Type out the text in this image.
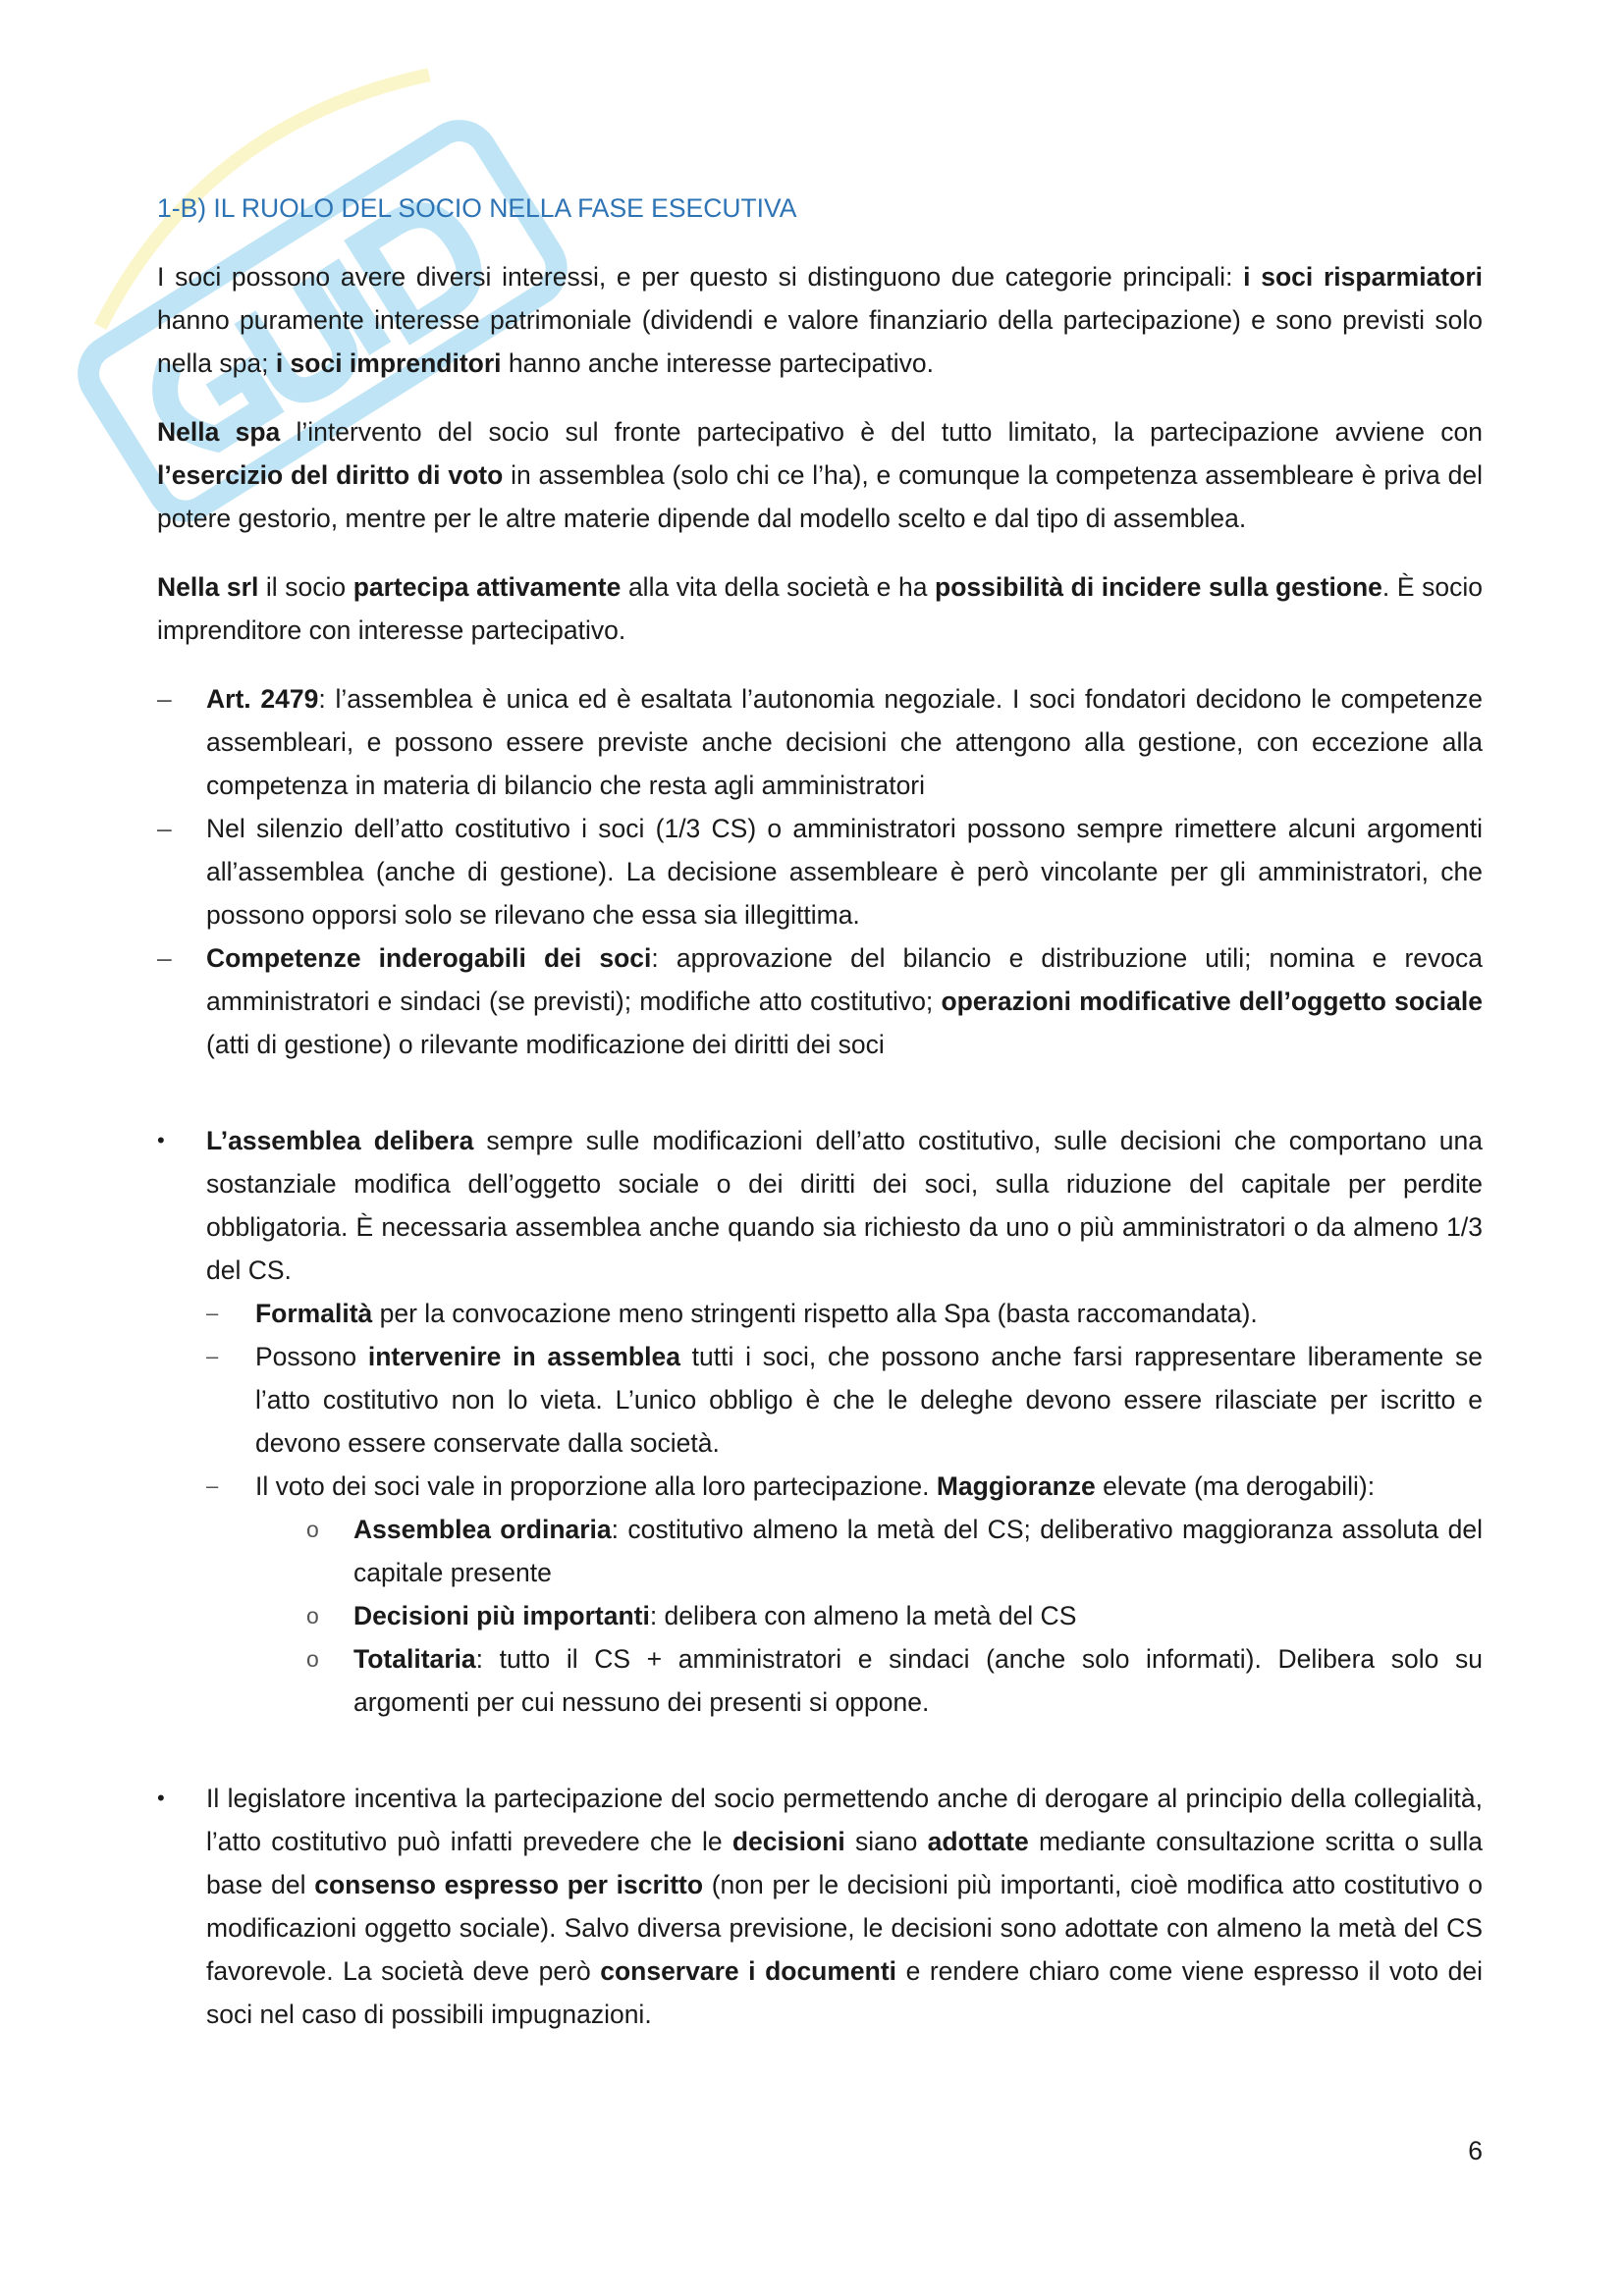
1-B) IL RUOLO DEL SOCIO NELLA FASE ESECUTIVA

I soci possono avere diversi interessi, e per questo si distinguono due categorie principali: i soci risparmiatori hanno puramente interesse patrimoniale (dividendi e valore finanziario della partecipazione) e sono previsti solo nella spa; i soci imprenditori hanno anche interesse partecipativo.

Nella spa l’intervento del socio sul fronte partecipativo è del tutto limitato, la partecipazione avviene con l’esercizio del diritto di voto in assemblea (solo chi ce l’ha), e comunque la competenza assembleare è priva del potere gestorio, mentre per le altre materie dipende dal modello scelto e dal tipo di assemblea.

Nella srl il socio partecipa attivamente alla vita della società e ha possibilità di incidere sulla gestione. È socio imprenditore con interesse partecipativo.

– Art. 2479: l’assemblea è unica ed è esaltata l’autonomia negoziale. I soci fondatori decidono le competenze assembleari, e possono essere previste anche decisioni che attengono alla gestione, con eccezione alla competenza in materia di bilancio che resta agli amministratori
– Nel silenzio dell’atto costitutivo i soci (1/3 CS) o amministratori possono sempre rimettere alcuni argomenti all’assemblea (anche di gestione). La decisione assembleare è però vincolante per gli amministratori, che possono opporsi solo se rilevano che essa sia illegittima.
– Competenze inderogabili dei soci: approvazione del bilancio e distribuzione utili; nomina e revoca amministratori e sindaci (se previsti); modifiche atto costitutivo; operazioni modificative dell’oggetto sociale (atti di gestione) o rilevante modificazione dei diritti dei soci
• L’assemblea delibera sempre sulle modificazioni dell’atto costitutivo, sulle decisioni che comportano una sostanziale modifica dell’oggetto sociale o dei diritti dei soci, sulla riduzione del capitale per perdite obbligatoria. È necessaria assemblea anche quando sia richiesto da uno o più amministratori o da almeno 1/3 del CS.
– Formalità per la convocazione meno stringenti rispetto alla Spa (basta raccomandata).
– Possono intervenire in assemblea tutti i soci, che possono anche farsi rappresentare liberamente se l’atto costitutivo non lo vieta. L’unico obbligo è che le deleghe devono essere rilasciate per iscritto e devono essere conservate dalla società.
– Il voto dei soci vale in proporzione alla loro partecipazione. Maggioranze elevate (ma derogabili):
o Assemblea ordinaria: costitutivo almeno la metà del CS; deliberativo maggioranza assoluta del capitale presente
o Decisioni più importanti: delibera con almeno la metà del CS
o Totalitaria: tutto il CS + amministratori e sindaci (anche solo informati). Delibera solo su argomenti per cui nessuno dei presenti si oppone.
• Il legislatore incentiva la partecipazione del socio permettendo anche di derogare al principio della collegialità, l’atto costitutivo può infatti prevedere che le decisioni siano adottate mediante consultazione scritta o sulla base del consenso espresso per iscritto (non per le decisioni più importanti, cioè modifica atto costitutivo o modificazioni oggetto sociale). Salvo diversa previsione, le decisioni sono adottate con almeno la metà del CS favorevole. La società deve però conservare i documenti e rendere chiaro come viene espresso il voto dei soci nel caso di possibili impugnazioni.
6
